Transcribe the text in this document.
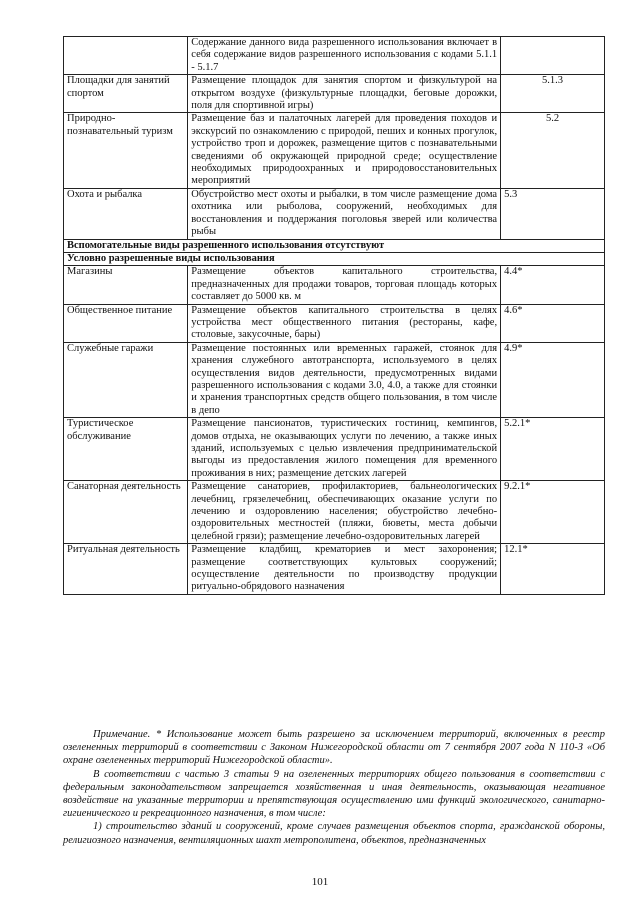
	Содержание данного вида разрешенного использования включает в себя содержание видов разрешенного использования с кодами 5.1.1 - 5.1.7	
Площадки для занятий спортом	Размещение площадок для занятия спортом и физкультурой на открытом воздухе (физкультурные площадки, беговые дорожки, поля для спортивной игры)	5.1.3
Природно-познавательный туризм	Размещение баз и палаточных лагерей для проведения походов и экскурсий по ознакомлению с природой, пеших и конных прогулок, устройство троп и дорожек, размещение щитов с познавательными сведениями об окружающей природной среде; осуществление необходимых природоохранных и природовосстановительных мероприятий	5.2
Охота и рыбалка	Обустройство мест охоты и рыбалки, в том числе размещение дома охотника или рыболова, сооружений, необходимых для восстановления и поддержания поголовья зверей или количества рыбы	5.3
Вспомогательные виды разрешенного использования отсутствуют		
Условно разрешенные виды использования		
Магазины	Размещение объектов капитального строительства, предназначенных для продажи товаров, торговая площадь которых составляет до 5000 кв. м	4.4*
Общественное питание	Размещение объектов капитального строительства в целях устройства мест общественного питания (рестораны, кафе, столовые, закусочные, бары)	4.6*
Служебные гаражи	Размещение постоянных или временных гаражей, стоянок для хранения служебного автотранспорта, используемого в целях осуществления видов деятельности, предусмотренных видами разрешенного использования с кодами 3.0, 4.0, а также для стоянки и хранения транспортных средств общего пользования, в том числе в депо	4.9*
Туристическое обслуживание	Размещение пансионатов, туристических гостиниц, кемпингов, домов отдыха, не оказывающих услуги по лечению, а также иных зданий, используемых с целью извлечения предпринимательской выгоды из предоставления жилого помещения для временного проживания в них; размещение детских лагерей	5.2.1*
Санаторная деятельность	Размещение санаториев, профилакториев, бальнеологических лечебниц, грязелечебниц, обеспечивающих оказание услуги по лечению и оздоровлению населения; обустройство лечебно-оздоровительных местностей (пляжи, бюветы, места добычи целебной грязи); размещение лечебно-оздоровительных лагерей	9.2.1*
Ритуальная деятельность	Размещение кладбищ, крематориев и мест захоронения; размещение соответствующих культовых сооружений; осуществление деятельности по производству продукции ритуально-обрядового назначения	12.1*

Примечание. * Использование может быть разрешено за исключением территорий, включенных в реестр озелененных территорий в соответствии с Законом Нижегородской области от 7 сентября 2007 года N 110-З «Об охране озелененных территорий Нижегородской области».

В соответствии с частью 3 статьи 9 на озелененных территориях общего пользования в соответствии с федеральным законодательством запрещается хозяйственная и иная деятельность, оказывающая негативное воздействие на указанные территории и препятствующая осуществлению ими функций экологического, санитарно-гигиенического и рекреационного назначения, в том числе:

1) строительство зданий и сооружений, кроме случаев размещения объектов спорта, гражданской обороны, религиозного назначения, вентиляционных шахт метрополитена, объектов, предназначенных

101
